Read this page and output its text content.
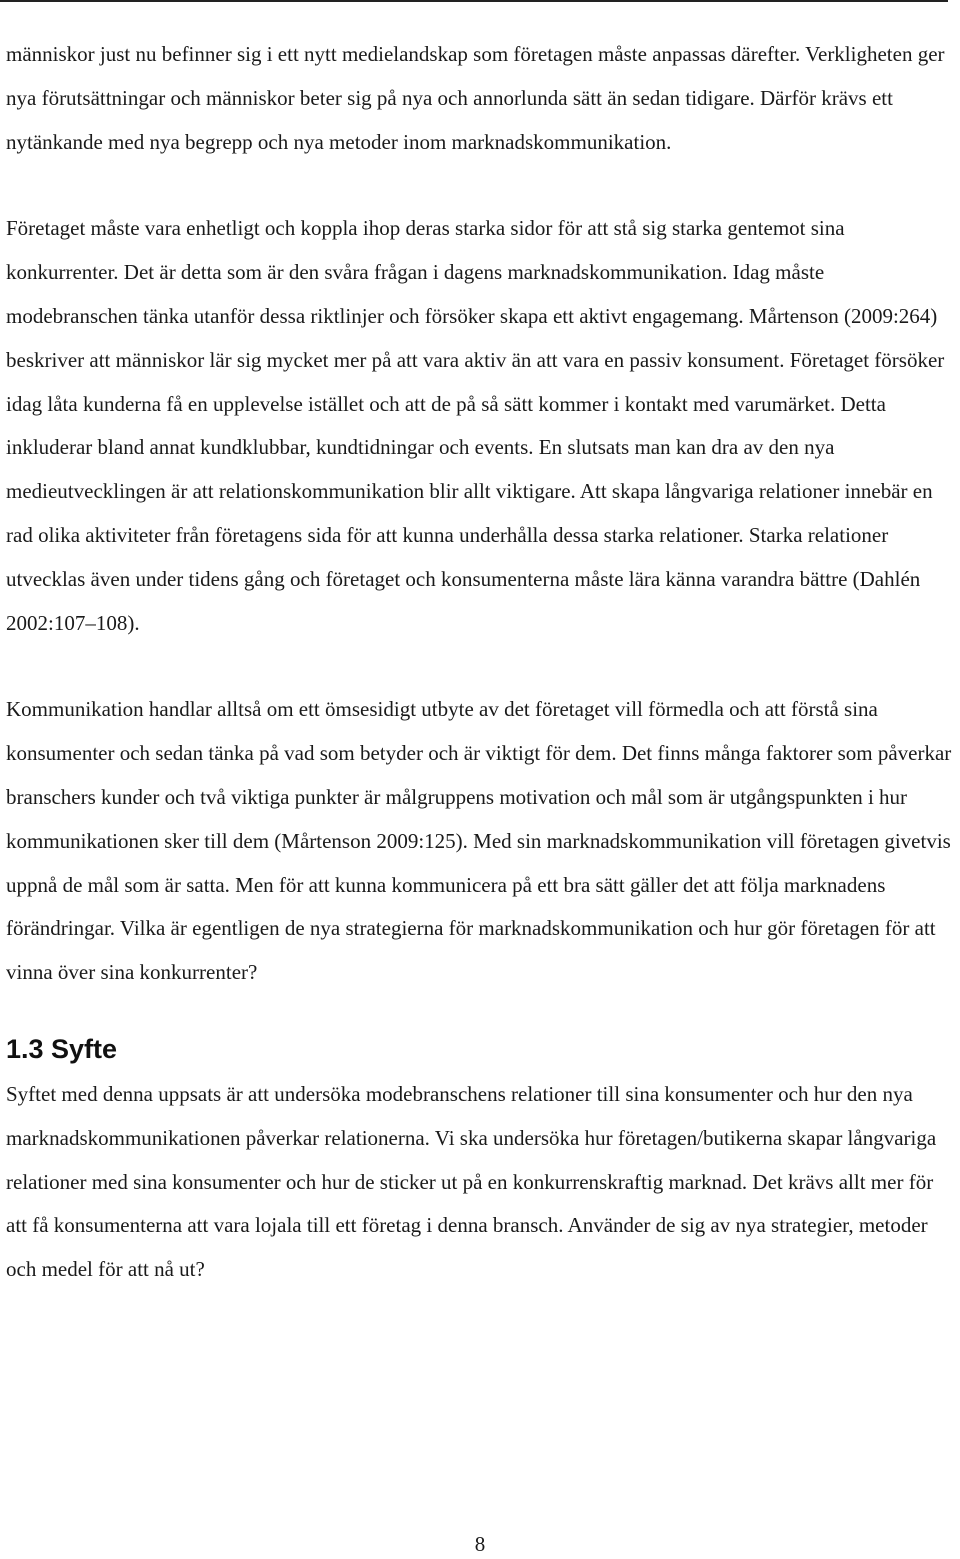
människor just nu befinner sig i ett nytt medielandskap som företagen måste anpassas därefter. Verkligheten ger nya förutsättningar och människor beter sig på nya och annorlunda sätt än sedan tidigare. Därför krävs ett nytänkande med nya begrepp och nya metoder inom marknadskommunikation.

Företaget måste vara enhetligt och koppla ihop deras starka sidor för att stå sig starka gentemot sina konkurrenter. Det är detta som är den svåra frågan i dagens marknadskommunikation. Idag måste modebranschen tänka utanför dessa riktlinjer och försöker skapa ett aktivt engagemang. Mårtenson (2009:264) beskriver att människor lär sig mycket mer på att vara aktiv än att vara en passiv konsument. Företaget försöker idag låta kunderna få en upplevelse istället och att de på så sätt kommer i kontakt med varumärket. Detta inkluderar bland annat kundklubbar, kundtidningar och events. En slutsats man kan dra av den nya medieutvecklingen är att relationskommunikation blir allt viktigare. Att skapa långvariga relationer innebär en rad olika aktiviteter från företagens sida för att kunna underhålla dessa starka relationer. Starka relationer utvecklas även under tidens gång och företaget och konsumenterna måste lära känna varandra bättre (Dahlén 2002:107–108).

Kommunikation handlar alltså om ett ömsesidigt utbyte av det företaget vill förmedla och att förstå sina konsumenter och sedan tänka på vad som betyder och är viktigt för dem. Det finns många faktorer som påverkar branschers kunder och två viktiga punkter är målgruppens motivation och mål som är utgångspunkten i hur kommunikationen sker till dem (Mårtenson 2009:125). Med sin marknadskommunikation vill företagen givetvis uppnå de mål som är satta. Men för att kunna kommunicera på ett bra sätt gäller det att följa marknadens förändringar. Vilka är egentligen de nya strategierna för marknadskommunikation och hur gör företagen för att vinna över sina konkurrenter?

1.3 Syfte

Syftet med denna uppsats är att undersöka modebranschens relationer till sina konsumenter och hur den nya marknadskommunikationen påverkar relationerna. Vi ska undersöka hur företagen/butikerna skapar långvariga relationer med sina konsumenter och hur de sticker ut på en konkurrenskraftig marknad. Det krävs allt mer för att få konsumenterna att vara lojala till ett företag i denna bransch. Använder de sig av nya strategier, metoder och medel för att nå ut?

8
